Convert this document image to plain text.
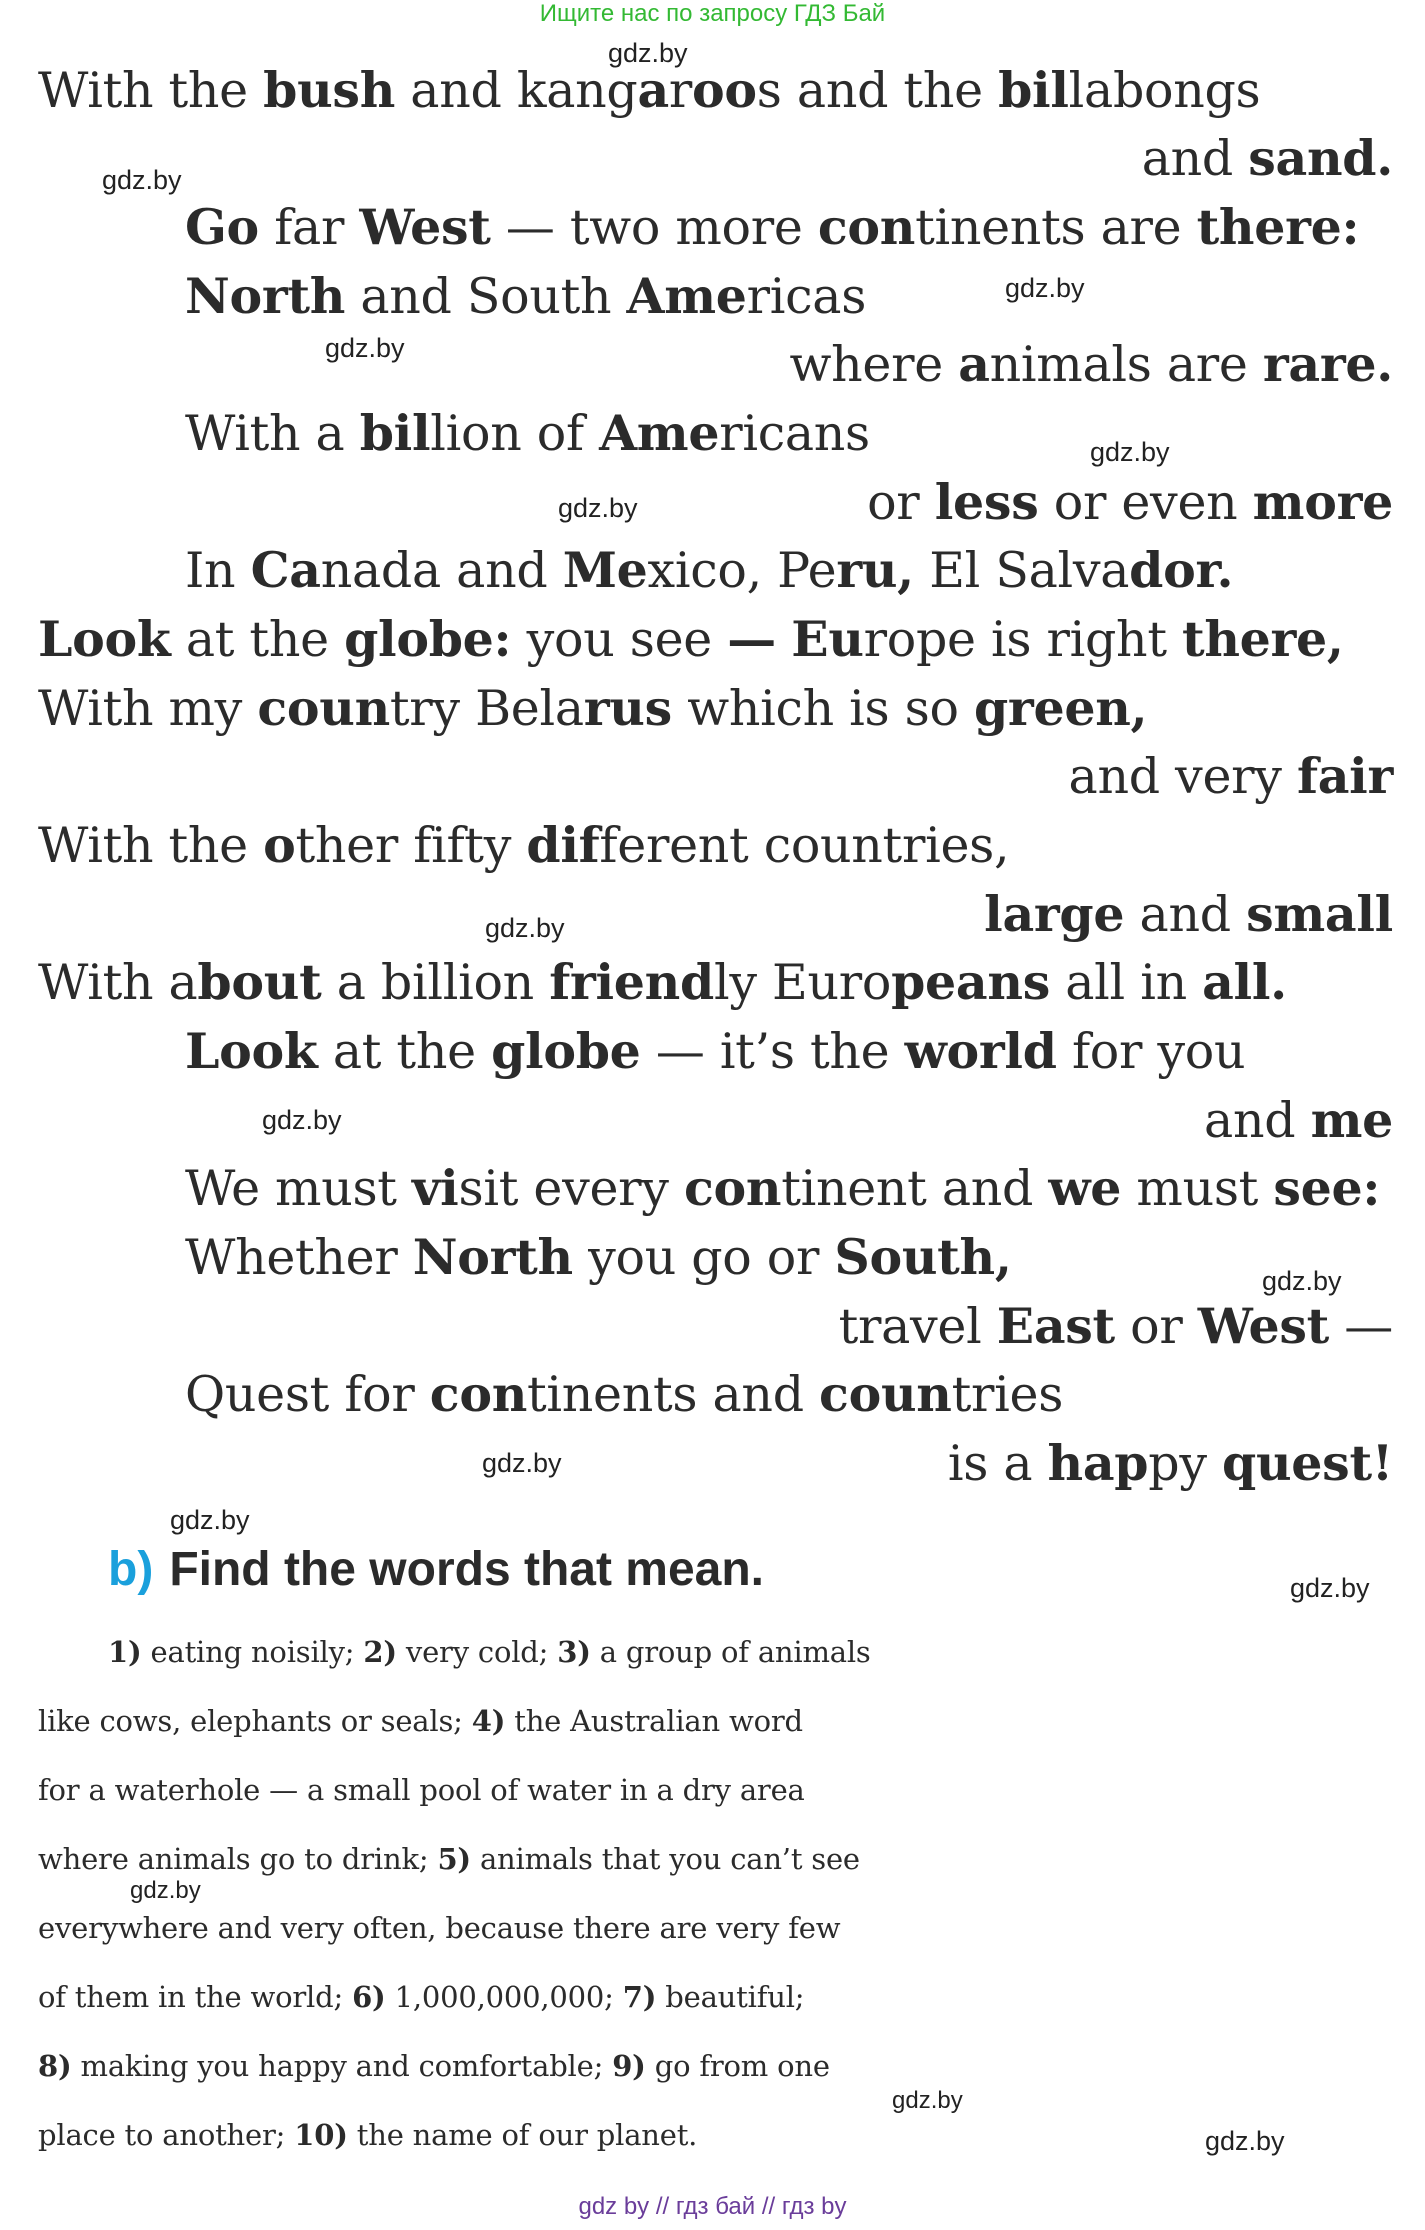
Ищите нас по запросу ГДЗ Бай
gdz.by
gdz.by
gdz.by
gdz.by
gdz.by
gdz.by
gdz.by
gdz.by
gdz.by
gdz.by
gdz.by
gdz.by
gdz.by
gdz.by
gdz.by
With the bush and kangaroos and the billabongs
and sand.
Go far West — two more continents are there:
North and South Americas
where animals are rare.
With a billion of Americans
or less or even more
In Canada and Mexico, Peru, El Salvador.
Look at the globe: you see — Europe is right there,
With my country Belarus which is so green,
and very fair
With the other fifty different countries,
large and small
With about a billion friendly Europeans all in all.
Look at the globe — it’s the world for you
and me
We must visit every continent and we must see:
Whether North you go or South,
travel East or West —
Quest for continents and countries
is a happy quest!
b) Find the words that mean.
1) eating noisily; 2) very cold; 3) a group of animals
like cows, elephants or seals; 4) the Australian word
for a waterhole — a small pool of water in a dry area
where animals go to drink; 5) animals that you can’t see
everywhere and very often, because there are very few
of them in the world; 6) 1,000,000,000; 7) beautiful;
8) making you happy and comfortable; 9) go from one
place to another; 10) the name of our planet.
gdz by // гдз бай // гдз by
